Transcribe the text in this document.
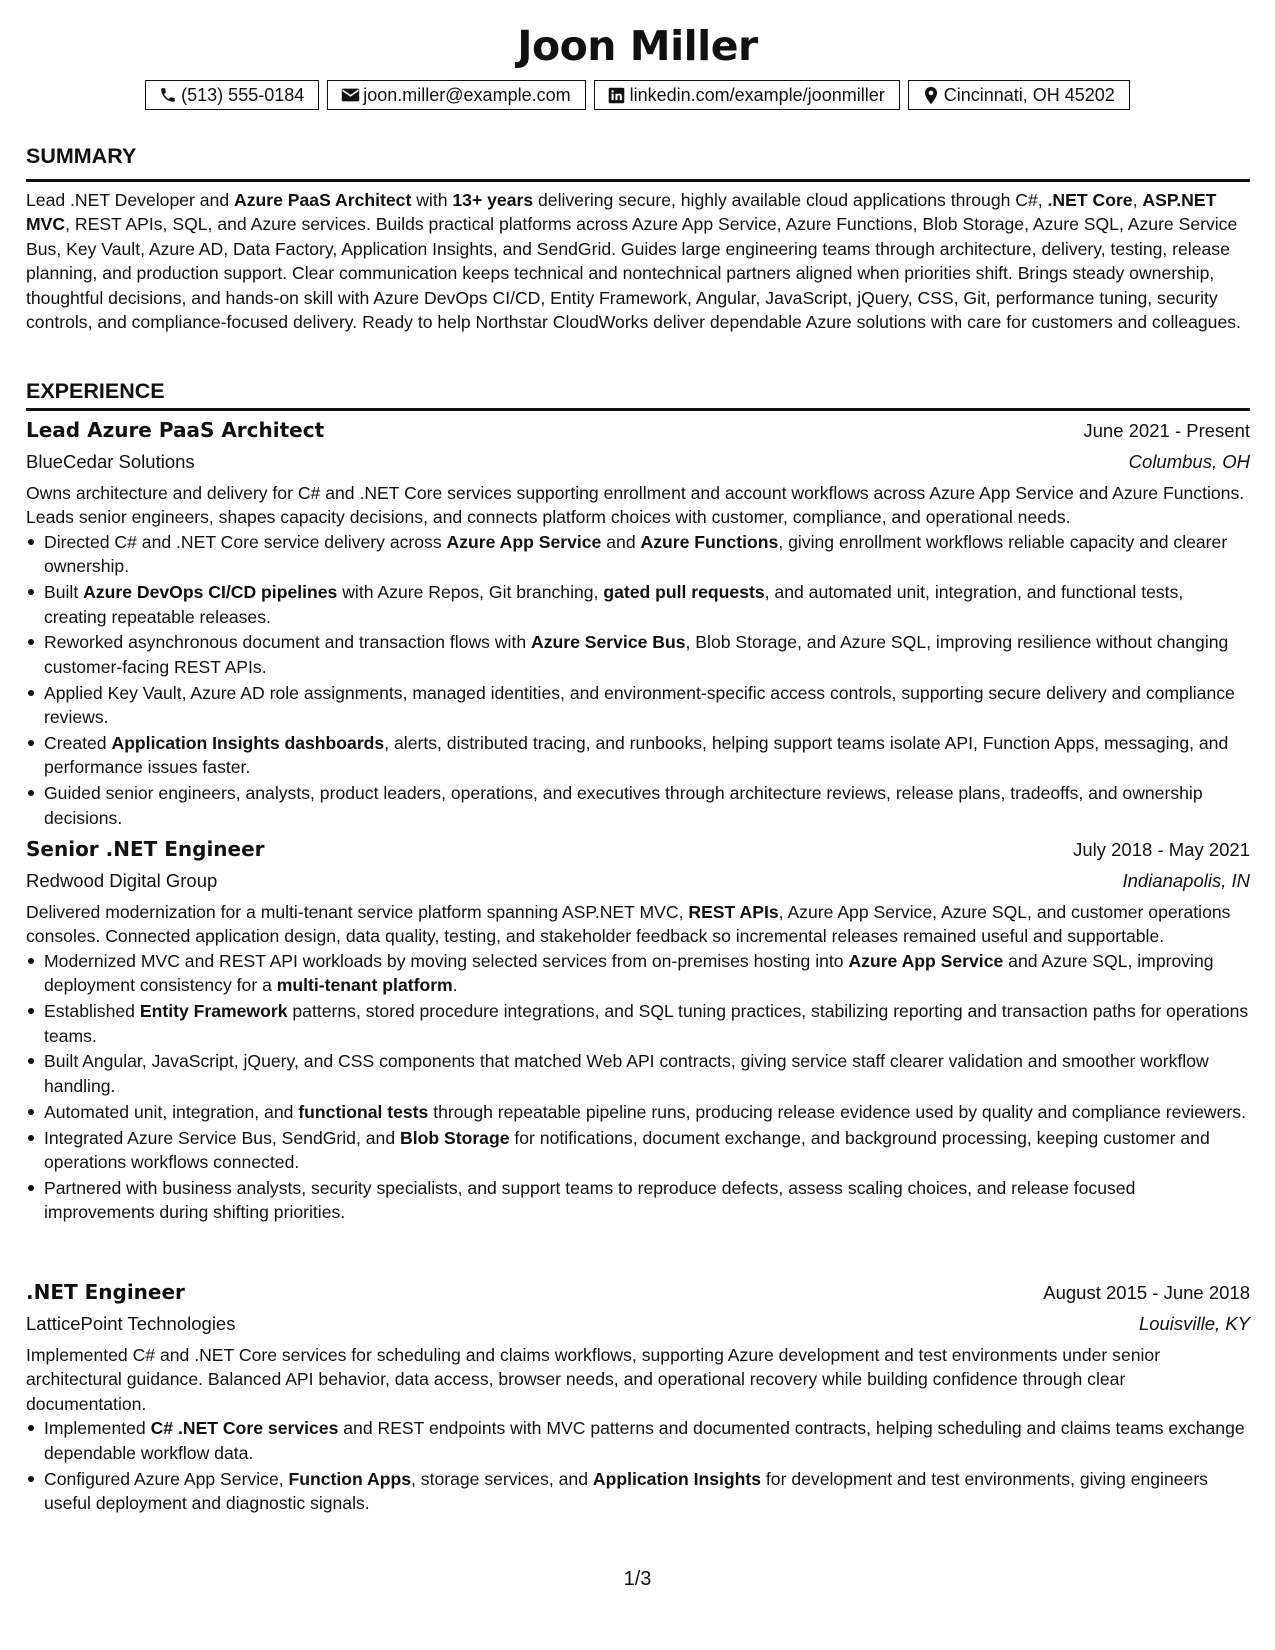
Joon Miller
(513) 555-0184	joon.miller@example.com	linkedin.com/example/joonmiller	Cincinnati, OH 45202
SUMMARY

Lead .NET Developer and Azure PaaS Architect with 13+ years delivering secure, highly available cloud applications through C#, .NET Core, ASP.NET MVC, REST APIs, SQL, and Azure services. Builds practical platforms across Azure App Service, Azure Functions, Blob Storage, Azure SQL, Azure Service Bus, Key Vault, Azure AD, Data Factory, Application Insights, and SendGrid. Guides large engineering teams through architecture, delivery, testing, release planning, and production support. Clear communication keeps technical and nontechnical partners aligned when priorities shift. Brings steady ownership, thoughtful decisions, and hands-on skill with Azure DevOps CI/CD, Entity Framework, Angular, JavaScript, jQuery, CSS, Git, performance tuning, security controls, and compliance-focused delivery. Ready to help Northstar CloudWorks deliver dependable Azure solutions with care for customers and colleagues.

EXPERIENCE
Lead Azure PaaS Architect	June 2021 - Present
BlueCedar Solutions	Columbus, OH

Owns architecture and delivery for C# and .NET Core services supporting enrollment and account workflows across Azure App Service and Azure Functions. Leads senior engineers, shapes capacity decisions, and connects platform choices with customer, compliance, and operational needs.

Directed C# and .NET Core service delivery across Azure App Service and Azure Functions, giving enrollment workflows reliable capacity and clearer ownership.
Built Azure DevOps CI/CD pipelines with Azure Repos, Git branching, gated pull requests, and automated unit, integration, and functional tests, creating repeatable releases.
Reworked asynchronous document and transaction flows with Azure Service Bus, Blob Storage, and Azure SQL, improving resilience without changing customer-facing REST APIs.
Applied Key Vault, Azure AD role assignments, managed identities, and environment-specific access controls, supporting secure delivery and compliance reviews.
Created Application Insights dashboards, alerts, distributed tracing, and runbooks, helping support teams isolate API, Function Apps, messaging, and performance issues faster.
Guided senior engineers, analysts, product leaders, operations, and executives through architecture reviews, release plans, tradeoffs, and ownership decisions.
Senior .NET Engineer	July 2018 - May 2021
Redwood Digital Group	Indianapolis, IN

Delivered modernization for a multi-tenant service platform spanning ASP.NET MVC, REST APIs, Azure App Service, Azure SQL, and customer operations consoles. Connected application design, data quality, testing, and stakeholder feedback so incremental releases remained useful and supportable.

Modernized MVC and REST API workloads by moving selected services from on-premises hosting into Azure App Service and Azure SQL, improving deployment consistency for a multi-tenant platform.
Established Entity Framework patterns, stored procedure integrations, and SQL tuning practices, stabilizing reporting and transaction paths for operations teams.
Built Angular, JavaScript, jQuery, and CSS components that matched Web API contracts, giving service staff clearer validation and smoother workflow handling.
Automated unit, integration, and functional tests through repeatable pipeline runs, producing release evidence used by quality and compliance reviewers.
Integrated Azure Service Bus, SendGrid, and Blob Storage for notifications, document exchange, and background processing, keeping customer and operations workflows connected.
Partnered with business analysts, security specialists, and support teams to reproduce defects, assess scaling choices, and release focused improvements during shifting priorities.
.NET Engineer	August 2015 - June 2018
LatticePoint Technologies	Louisville, KY

Implemented C# and .NET Core services for scheduling and claims workflows, supporting Azure development and test environments under senior architectural guidance. Balanced API behavior, data access, browser needs, and operational recovery while building confidence through clear documentation.

Implemented C# .NET Core services and REST endpoints with MVC patterns and documented contracts, helping scheduling and claims teams exchange dependable workflow data.
Configured Azure App Service, Function Apps, storage services, and Application Insights for development and test environments, giving engineers useful deployment and diagnostic signals.
1/3
